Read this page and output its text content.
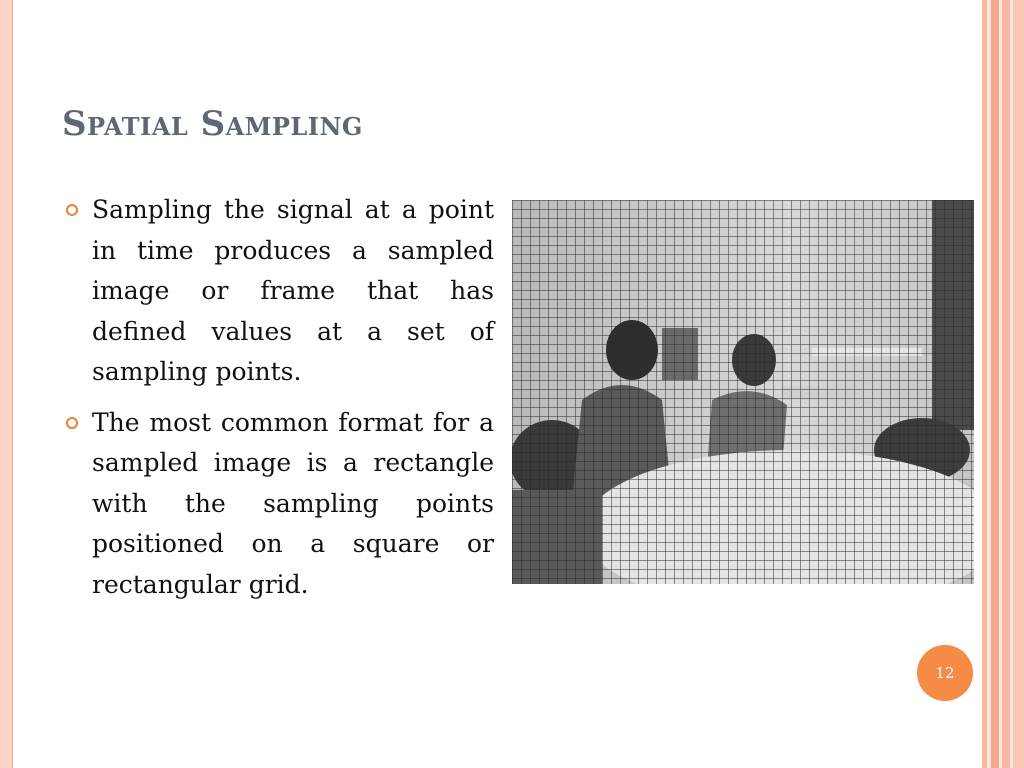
Spatial Sampling
Sampling the signal at a point in time produces a sampled image or frame that has defined values at a set of sampling points.
The most common format for a sampled image is a rectangle with the sampling points positioned on a square or rectangular grid.
12
